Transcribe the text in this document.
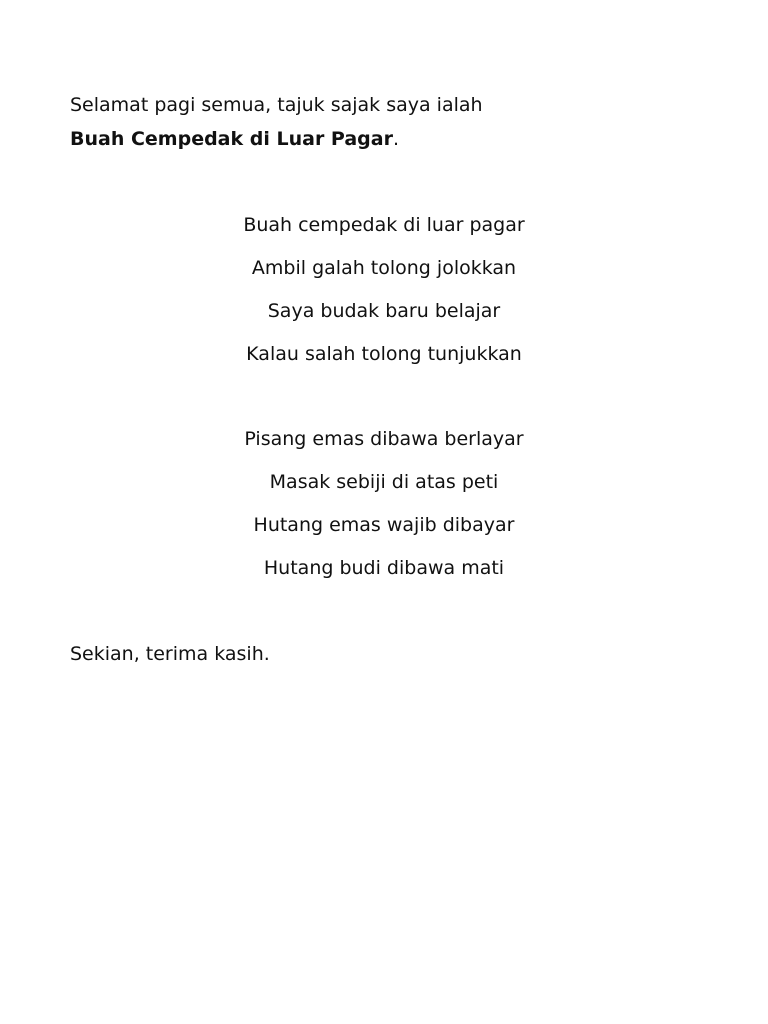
Selamat pagi semua, tajuk sajak saya ialah
Buah Cempedak di Luar Pagar.
Buah cempedak di luar pagar
Ambil galah tolong jolokkan
Saya budak baru belajar
Kalau salah tolong tunjukkan
Pisang emas dibawa berlayar
Masak sebiji di atas peti
Hutang emas wajib dibayar
Hutang budi dibawa mati
Sekian, terima kasih.
